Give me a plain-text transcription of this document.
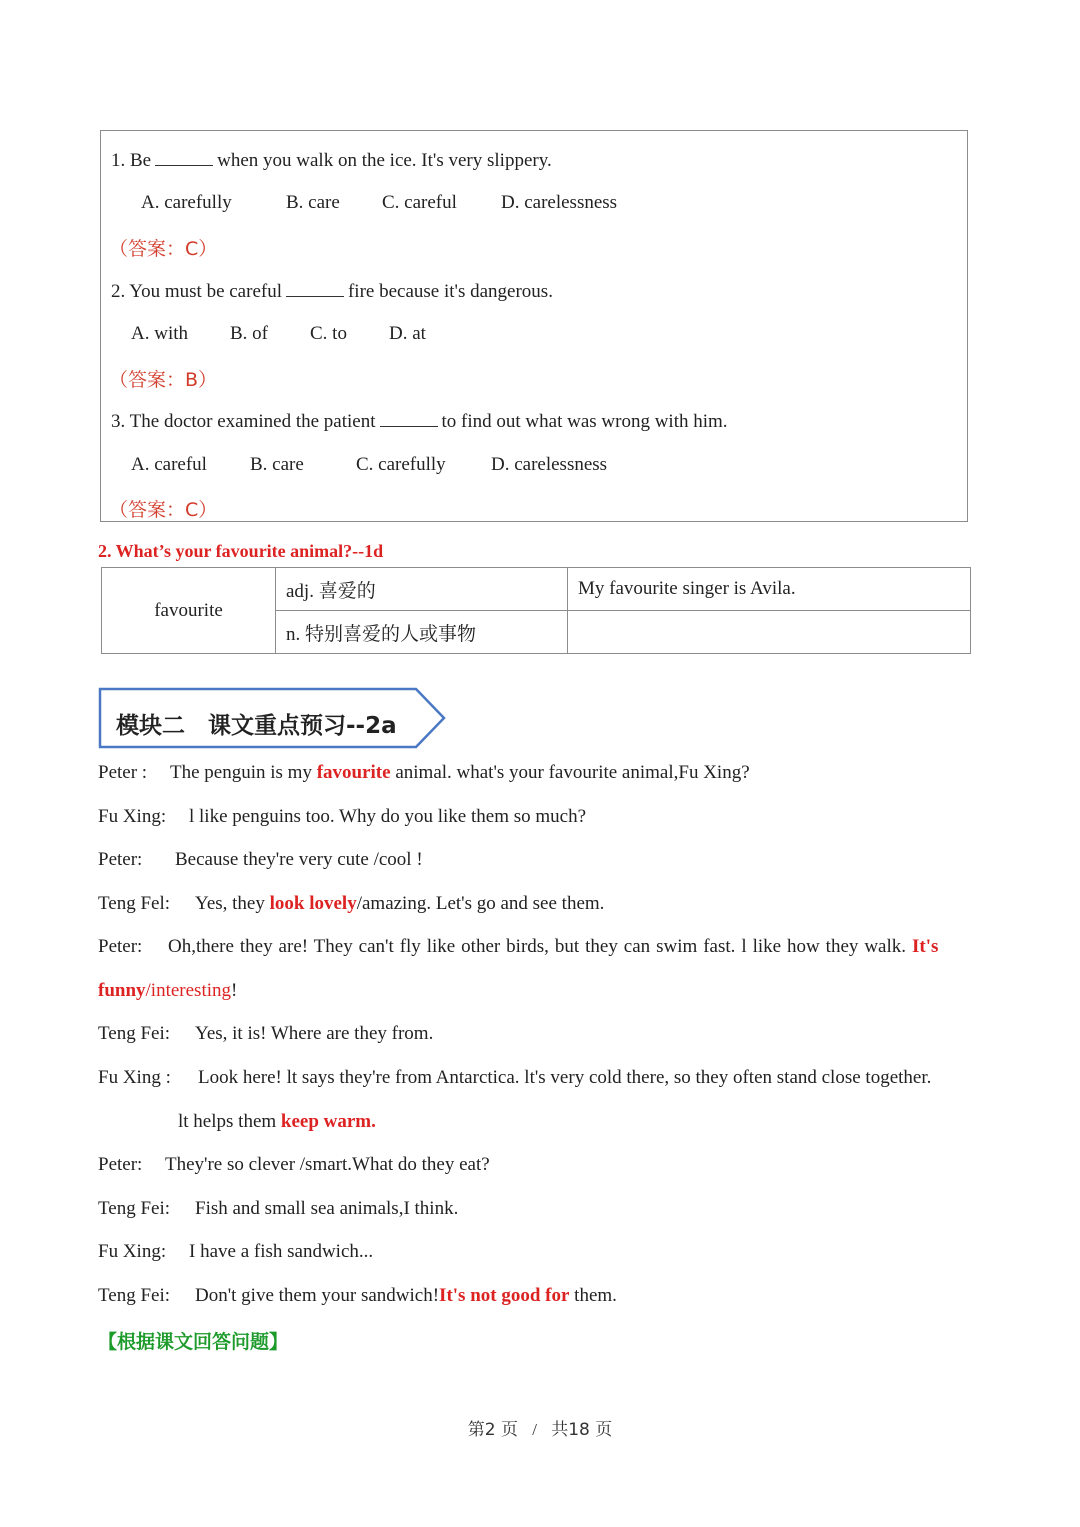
1. Be	when you walk on the ice. It's very slippery.
A. carefully	B. care C. careful D. carelessness
（答案：C）
2. You must be careful	fire because it's dangerous.
A. with B. of C. to D. at
（答案：B）
3. The doctor examined the patient	to find out what was wrong with him.
A. careful B. care	C. carefully D. carelessness
（答案：C）
2. What’s your favourite animal?--1d
favourite	adj. 喜爱的	My favourite singer is Avila.
	n. 特别喜爱的人或事物	
模块二　课文重点预习--2a
Peter : The penguin is my favourite animal. what's your favourite animal,Fu Xing?
Fu Xing: l like penguins too. Why do you like them so much?
Peter: Because they're very cute /cool !
Teng Fel: Yes, they look lovely/amazing. Let's go and see them.
Peter: Oh,there they are! They can't fly like other birds, but they can swim fast. l like how they walk. It's
funny/interesting!
Teng Fei: Yes, it is! Where are they from.
Fu Xing : Look here! lt says they're from Antarctica. lt's very cold there, so they often stand close together.
lt helps them keep warm.
Peter: They're so clever /smart.What do they eat?
Teng Fei: Fish and small sea animals,I think.
Fu Xing: I have a fish sandwich...
Teng Fei: Don't give them your sandwich!It's not good for them.
【根据课文回答问题】
第2 页 / 共18 页
